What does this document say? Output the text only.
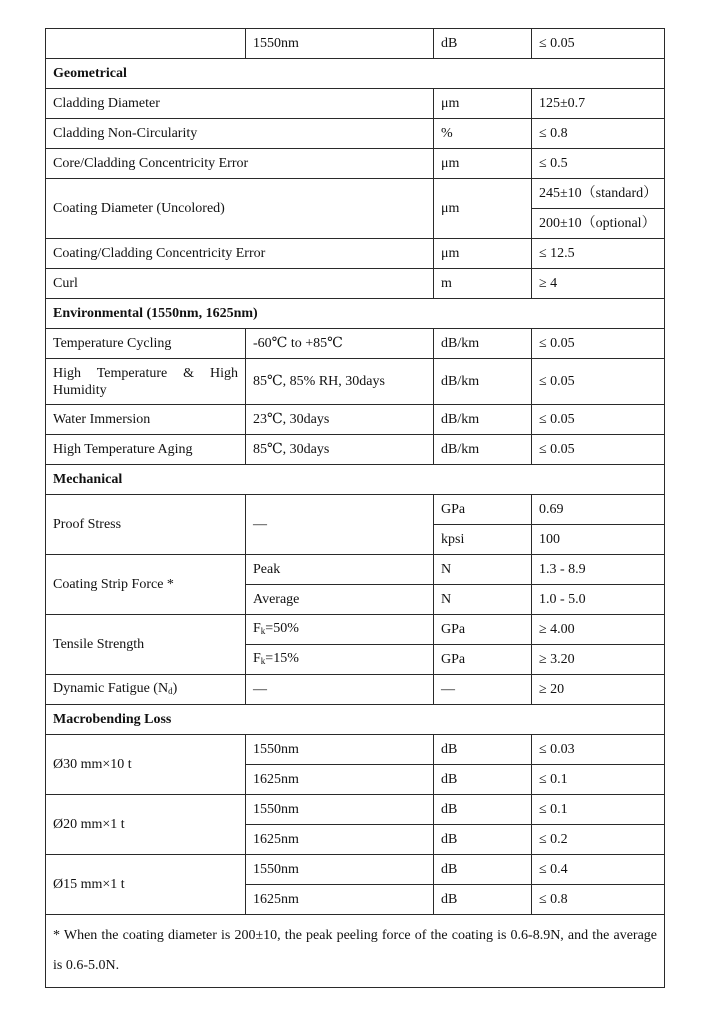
	1550nm	dB	≤ 0.05
Geometrical			
Cladding Diameter		μm	125±0.7
Cladding Non-Circularity		%	≤ 0.8
Core/Cladding Concentricity Error		μm	≤ 0.5
Coating Diameter (Uncolored)		μm	245±10（standard）
			200±10（optional）
Coating/Cladding Concentricity Error		μm	≤ 12.5
Curl		m	≥ 4
Environmental (1550nm, 1625nm)			
Temperature Cycling	-60℃ to +85℃	dB/km	≤ 0.05
High Temperature & High Humidity	85℃, 85% RH, 30days	dB/km	≤ 0.05
Water Immersion	23℃, 30days	dB/km	≤ 0.05
High Temperature Aging	85℃, 30days	dB/km	≤ 0.05
Mechanical			
Proof Stress	—	GPa	0.69
		kpsi	100
Coating Strip Force *	Peak	N	1.3 - 8.9
	Average	N	1.0 - 5.0
Tensile Strength	$F_k=50\%$	GPa	≥ 4.00
	$F_k=15\%$	GPa	≥ 3.20
Dynamic Fatigue $(N_d)$	—	—	≥ 20
Macrobending Loss			
Ø30 mm×10 t	1550nm	dB	≤ 0.03
	1625nm	dB	≤ 0.1
Ø20 mm×1 t	1550nm	dB	≤ 0.1
	1625nm	dB	≤ 0.2
Ø15 mm×1 t	1550nm	dB	≤ 0.4
	1625nm	dB	≤ 0.8
* When the coating diameter is 200±10, the peak peeling force of the coating is 0.6-8.9N, and the average is 0.6-5.0N.			
